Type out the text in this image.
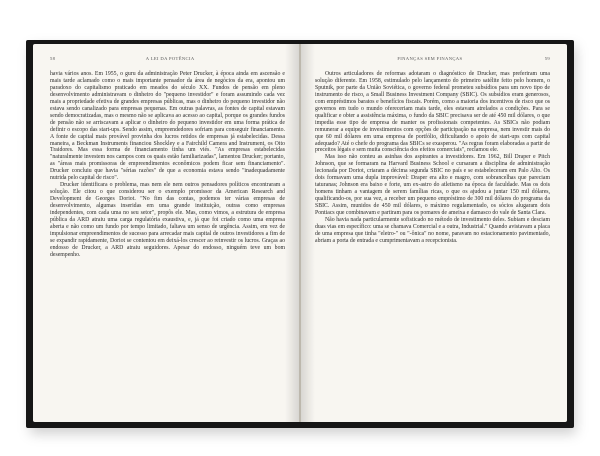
58	A LEI DA POTÊNCIA

havia vários anos. Em 1955, o guru da administração Peter Drucker, à época ainda em ascensão e mais tarde aclamado como o mais importante pensador da área de negócios da era, apontou um paradoxo do capitalismo praticado em meados do século XX. Fundos de pensão em pleno desenvolvimento administravam o dinheiro do "pequeno investidor" e foram assumindo cada vez mais a propriedade efetiva de grandes empresas públicas, mas o dinheiro do pequeno investidor não estava sendo canalizado para empresas pequenas. Em outras palavras, as fontes de capital estavam sendo democratizadas, mas o mesmo não se aplicava ao acesso ao capital, porque os grandes fundos de pensão não se arriscavam a aplicar o dinheiro do pequeno investidor em uma forma prática de definir o escopo das start-ups. Sendo assim, empreendedores sofriam para conseguir financiamento. A fonte de capital mais provável provinha dos lucros retidos de empresas já estabelecidas. Dessa maneira, a Beckman Instruments financiou Shockley e a Fairchild Camera and Instrument, os Oito Traidores. Mas essa forma de financiamento tinha um viés. "As empresas estabelecidas "naturalmente investem nos campos com os quais estão familiarizadas", lamentou Drucker; portanto, as "áreas mais promissoras de empreendimentos econômicos podem ficar sem financiamento". Drucker concluiu que havia "sérias razões" de que a economia estava sendo "inadequadamente nutrida pelo capital de risco".

Drucker identificara o problema, mas nem ele nem outros pensadores políticos encontraram a solução. Ele citou o que considerou ser o exemplo promissor da American Research and Development de Georges Doriot. "No fim das contas, podemos ter várias empresas de desenvolvimento, algumas inseridas em uma grande instituição, outras como empresas independentes, com cada uma no seu setor", propôs ele. Mas, como vimos, a estrutura de empresa pública da ARD atraiu uma carga regulatória exaustiva, e, já que foi criado como uma empresa aberta e não como um fundo por tempo limitado, faltava um senso de urgência. Assim, em vez de impulsionar empreendimentos de sucesso para arrecadar mais capital de outros investidores a fim de se expandir rapidamente, Doriot se contentou em deixá-los crescer ao reinvestir os lucros. Graças ao endosso de Drucker, a ARD atraiu seguidores. Apesar do endosso, ninguém teve um bom desempenho.

FINANÇAS SEM FINANÇAS	59

Outros articuladores de reformas adotaram o diagnóstico de Drucker, mas preferiram uma solução diferente. Em 1958, estimulado pelo lançamento do primeiro satélite feito pelo homem, o Sputnik, por parte da União Soviética, o governo federal prometeu subsídios para um novo tipo de instrumento de risco, a Small Business Investment Company (SBIC). Os subsídios eram generosos, com empréstimos baratos e benefícios fiscais. Porém, como a maioria dos incentivos de risco que os governos em tudo o mundo ofereceriam mais tarde, eles estavam atrelados a condições. Para se qualificar e obter a assistência máxima, o fundo da SBIC precisava ser de até 450 mil dólares, o que impedia esse tipo de empresa de manter os profissionais competentes. As SBICs não podiam remunerar a equipe de investimentos com opções de participação na empresa, nem investir mais do que 60 mil dólares em uma empresa de portfólio, dificultando o apoio de start-ups com capital adequado? Até o chefe do programa das SBICs se exasperou. "As regras foram elaboradas a partir de preceitos légais e sem muita consciência dos efeitos comerciais", reclamou ele.

Mas isso não conteu as asinhas dos aspirantes a investidores. Em 1962, Bill Draper e Pitch Johnson, que se formaram na Harvard Business School e cursaram a disciplina de administração lecionada por Doriot, criaram a décima segunda SBIC no país e se estabeleceram em Palo Alto. Os dois formavam uma dupla improvável: Draper era alto e magro, com sobrancelhas que pareciam taturanas; Johnson era baixo e forte, um ex-astro do atletismo na época de faculdade. Mas os dois homens tinham a vantagem de serem famílias ricas, o que os ajudou a juntar 150 mil dólares, qualificando-os, por sua vez, a receber um pequeno empréstimo de 300 mil dólares do programa da SBIC. Assim, munidos de 450 mil dólares, o máximo regulamentado, os sócios alugaram dois Pontiacs que combinavam e partiram para os pomares de ameixa e damasco do vale de Santa Clara.

Não havia nada particularmente sofisticado no método de investimento deles. Subiam e desciam duas vias em específico: uma se chamava Comercial e a outra, Industrial." Quando avistavam a placa de uma empresa que tinha "eletro-" ou "-ônica" no nome, paravam no estacionamento pavimentado, abriam a porta de entrada e cumprimentavam a recepcionista.
